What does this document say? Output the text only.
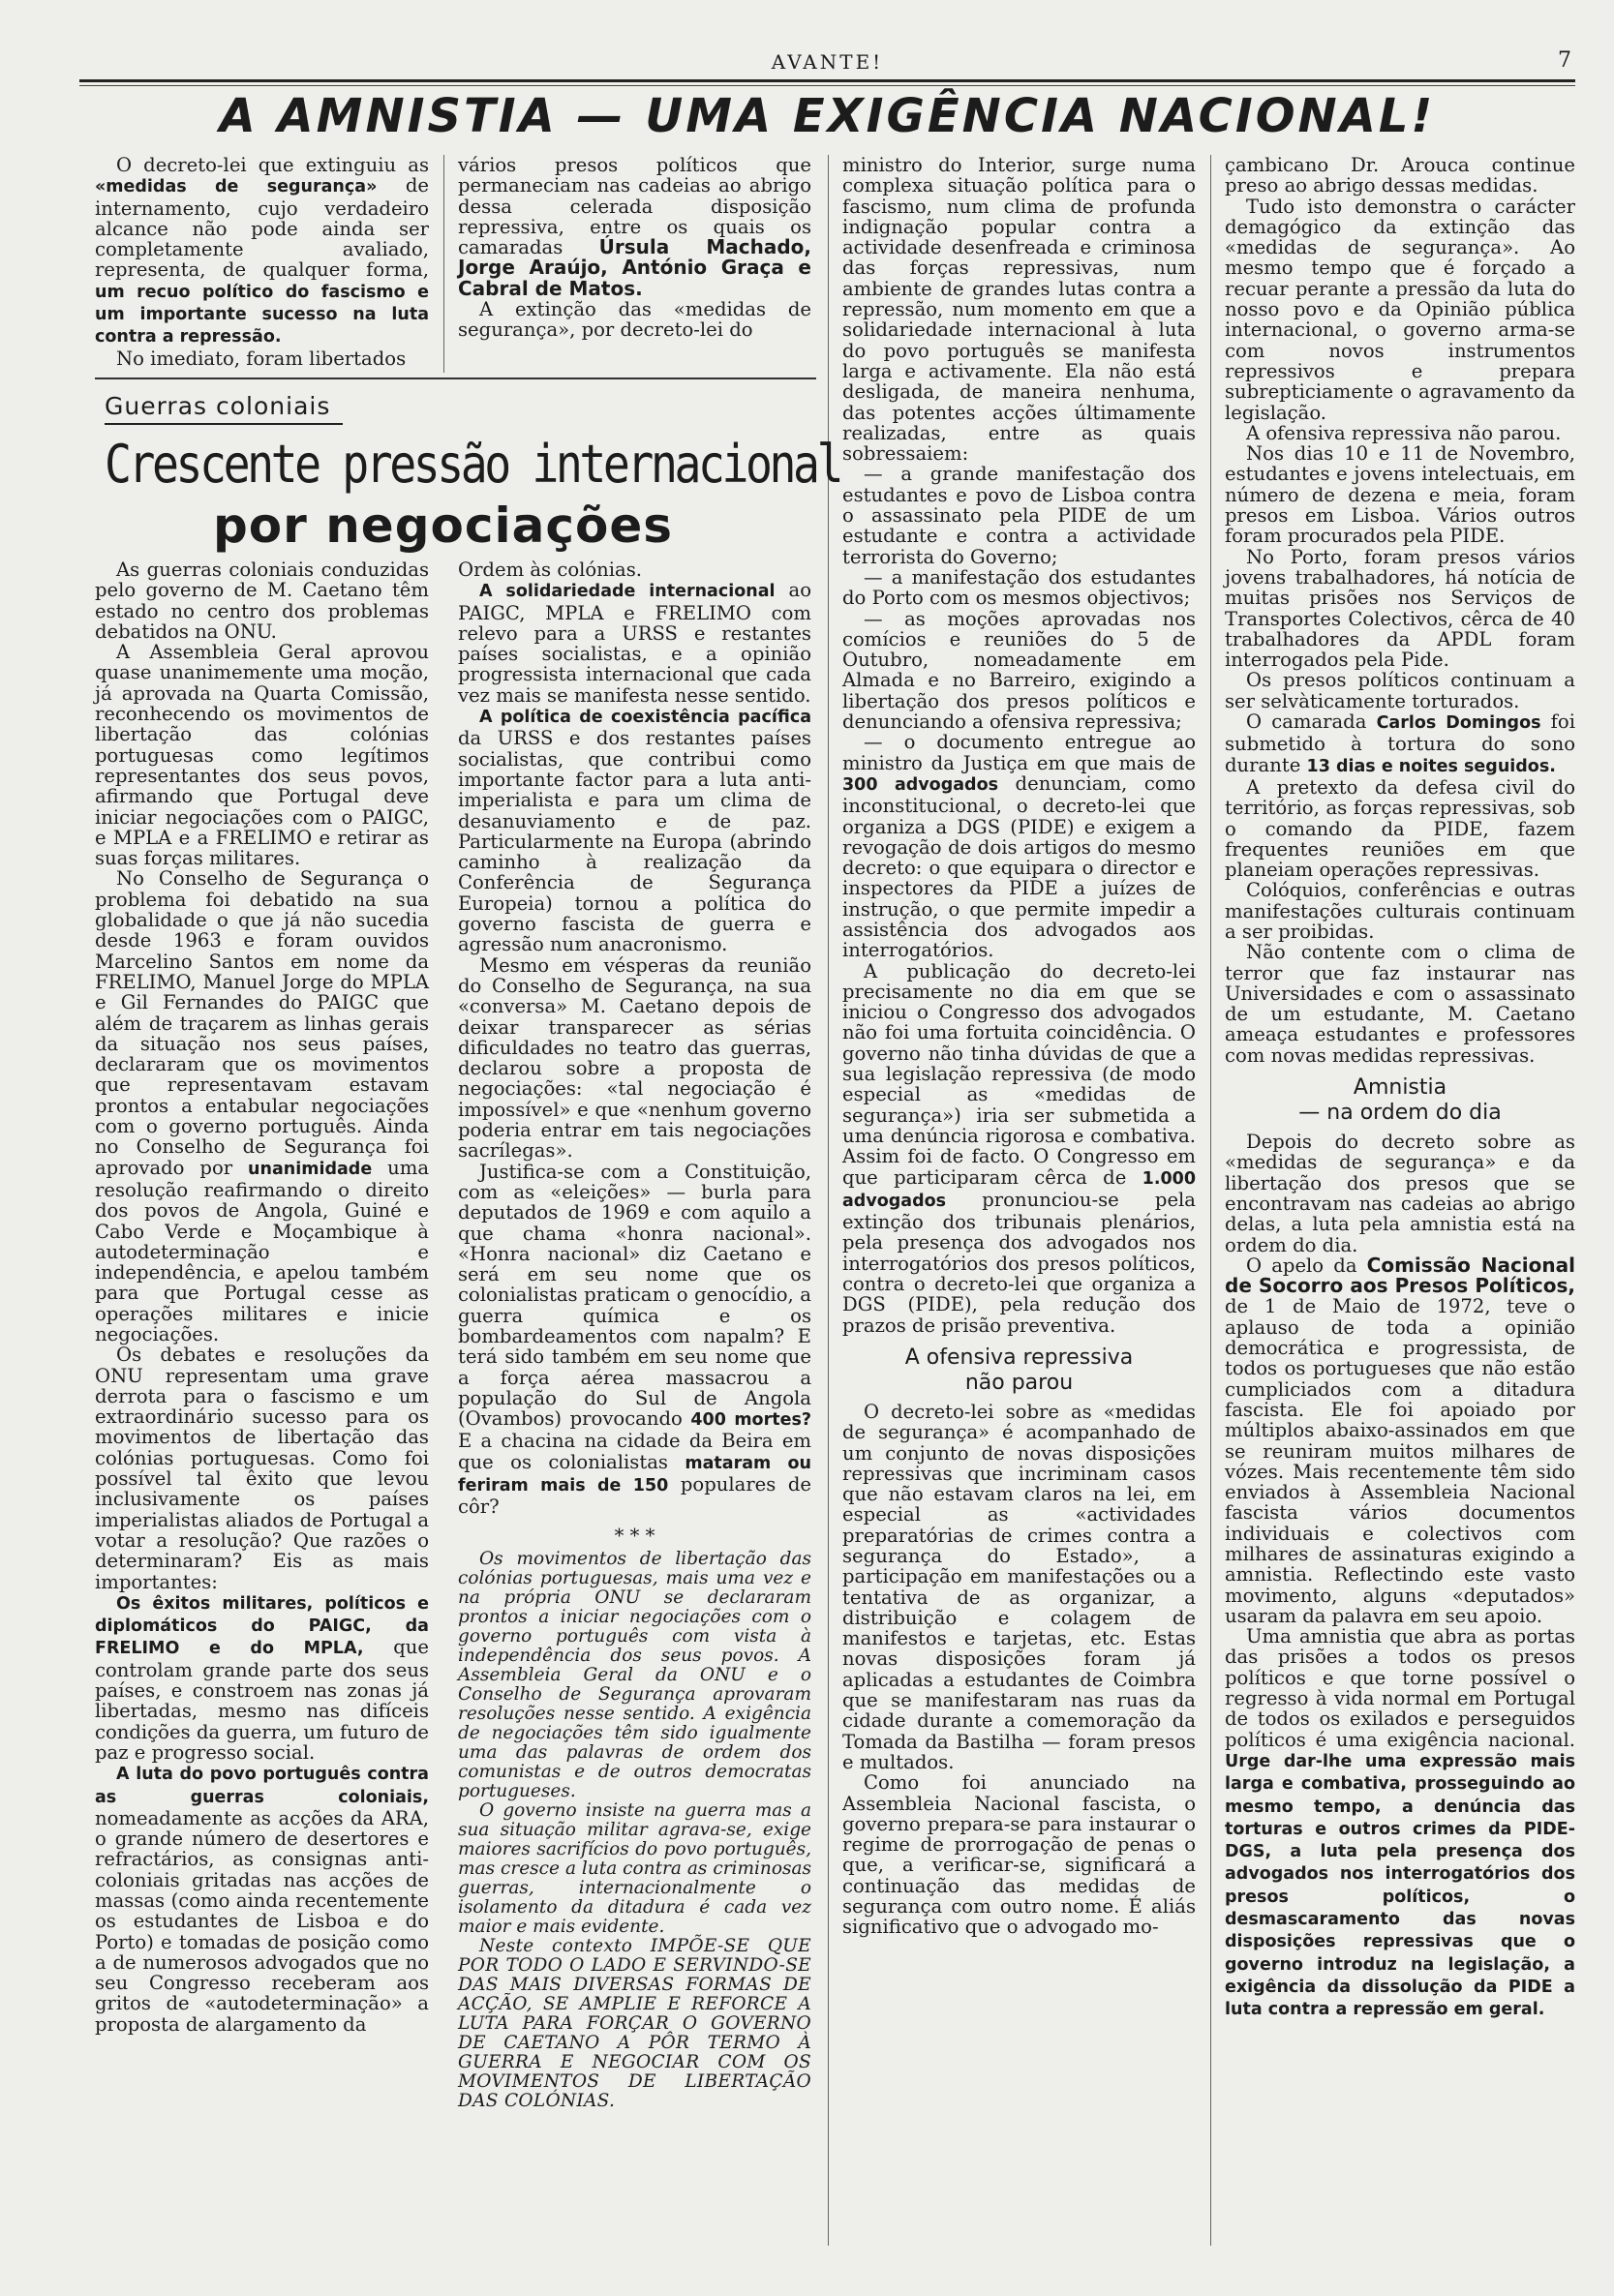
AVANTE!	7
A AMNISTIA — UMA EXIGÊNCIA NACIONAL!

O decreto-lei que extinguiu as «medidas de segurança» de internamento, cujo verdadeiro alcance não pode ainda ser completamente avaliado, representa, de qualquer forma, um recuo político do fascismo e um importante sucesso na luta contra a repressão.

No imediato, foram libertados

vários presos políticos que permaneciam nas cadeias ao abrigo dessa celerada disposição repressiva, entre os quais os camaradas Úrsula Machado, Jorge Araújo, António Graça e Cabral de Matos.

A extinção das «medidas de segurança», por decreto-lei do

Guerras coloniais
Crescente pressão internacional
por negociações

As guerras coloniais conduzidas pelo governo de M. Caetano têm estado no centro dos problemas debatidos na ONU.

A Assembleia Geral aprovou quase unanimemente uma moção, já aprovada na Quarta Comissão, reconhecendo os movimentos de libertação das colónias portuguesas como legítimos representantes dos seus povos, afirmando que Portugal deve iniciar negociações com o PAIGC, e MPLA e a FRELIMO e retirar as suas forças militares.

No Conselho de Segurança o problema foi debatido na sua globalidade o que já não sucedia desde 1963 e foram ouvidos Marcelino Santos em nome da FRELIMO, Manuel Jorge do MPLA e Gil Fernandes do PAIGC que além de traçarem as linhas gerais da situação nos seus países, declararam que os movimentos que representavam estavam prontos a entabular negociações com o governo português. Ainda no Conselho de Segurança foi aprovado por unanimidade uma resolução reafirmando o direito dos povos de Angola, Guiné e Cabo Verde e Moçambique à autodeterminação e independência, e apelou também para que Portugal cesse as operações militares e inicie negociações.

Os debates e resoluções da ONU representam uma grave derrota para o fascismo e um extraordinário sucesso para os movimentos de libertação das colónias portuguesas. Como foi possível tal êxito que levou inclusivamente os países imperialistas aliados de Portugal a votar a resolução? Que razões o determinaram? Eis as mais importantes:

Os êxitos militares, políticos e diplomáticos do PAIGC, da FRELIMO e do MPLA, que controlam grande parte dos seus países, e constroem nas zonas já libertadas, mesmo nas difíceis condições da guerra, um futuro de paz e progresso social.

A luta do povo português contra as guerras coloniais, nomeadamente as acções da ARA, o grande número de desertores e refractários, as consignas anti-coloniais gritadas nas acções de massas (como ainda recentemente os estudantes de Lisboa e do Porto) e tomadas de posição como a de numerosos advogados que no seu Congresso receberam aos gritos de «autodeterminação» a proposta de alargamento da

Ordem às colónias.

A solidariedade internacional ao PAIGC, MPLA e FRELIMO com relevo para a URSS e restantes países socialistas, e a opinião progressista internacional que cada vez mais se manifesta nesse sentido.

A política de coexistência pacífica da URSS e dos restantes países socialistas, que contribui como importante factor para a luta anti-imperialista e para um clima de desanuviamento e de paz. Particularmente na Europa (abrindo caminho à realização da Conferência de Segurança Europeia) tornou a política do governo fascista de guerra e agressão num anacronismo.

Mesmo em vésperas da reunião do Conselho de Segurança, na sua «conversa» M. Caetano depois de deixar transparecer as sérias dificuldades no teatro das guerras, declarou sobre a proposta de negociações: «tal negociação é impossível» e que «nenhum governo poderia entrar em tais negociações sacrílegas».

Justifica-se com a Constituição, com as «eleições» — burla para deputados de 1969 e com aquilo a que chama «honra nacional». «Honra nacional» diz Caetano e será em seu nome que os colonialistas praticam o genocídio, a guerra química e os bombardeamentos com napalm? E terá sido também em seu nome que a força aérea massacrou a população do Sul de Angola (Ovambos) provocando 400 mortes? E a chacina na cidade da Beira em que os colonialistas mataram ou feriram mais de 150 populares de côr?

* * *

Os movimentos de libertação das colónias portuguesas, mais uma vez e na própria ONU se declararam prontos a iniciar negociações com o governo português com vista à independência dos seus povos. A Assembleia Geral da ONU e o Conselho de Segurança aprovaram resoluções nesse sentido. A exigência de negociações têm sido igualmente uma das palavras de ordem dos comunistas e de outros democratas portugueses.

O governo insiste na guerra mas a sua situação militar agrava-se, exige maiores sacrifícios do povo português, mas cresce a luta contra as criminosas guerras, internacionalmente o isolamento da ditadura é cada vez maior e mais evidente.

Neste contexto IMPÕE-SE QUE POR TODO O LADO E SERVINDO-SE DAS MAIS DIVERSAS FORMAS DE ACÇÃO, SE AMPLIE E REFORCE A LUTA PARA FORÇAR O GOVERNO DE CAETANO A PÔR TERMO À GUERRA E NEGOCIAR COM OS MOVIMENTOS DE LIBERTAÇÃO DAS COLÓNIAS.

ministro do Interior, surge numa complexa situação política para o fascismo, num clima de profunda indignação popular contra a actividade desenfreada e criminosa das forças repressivas, num ambiente de grandes lutas contra a repressão, num momento em que a solidariedade internacional à luta do povo português se manifesta larga e activamente. Ela não está desligada, de maneira nenhuma, das potentes acções últimamente realizadas, entre as quais sobressaiem:

— a grande manifestação dos estudantes e povo de Lisboa contra o assassinato pela PIDE de um estudante e contra a actividade terrorista do Governo;

— a manifestação dos estudantes do Porto com os mesmos objectivos;

— as moções aprovadas nos comícios e reuniões do 5 de Outubro, nomeadamente em Almada e no Barreiro, exigindo a libertação dos presos políticos e denunciando a ofensiva repressiva;

— o documento entregue ao ministro da Justiça em que mais de 300 advogados denunciam, como inconstitucional, o decreto-lei que organiza a DGS (PIDE) e exigem a revogação de dois artigos do mesmo decreto: o que equipara o director e inspectores da PIDE a juízes de instrução, o que permite impedir a assistência dos advogados aos interrogatórios.

A publicação do decreto-lei precisamente no dia em que se iniciou o Congresso dos advogados não foi uma fortuita coincidência. O governo não tinha dúvidas de que a sua legislação repressiva (de modo especial as «medidas de segurança») iria ser submetida a uma denúncia rigorosa e combativa. Assim foi de facto. O Congresso em que participaram cêrca de 1.000 advogados pronunciou-se pela extinção dos tribunais plenários, pela presença dos advogados nos interrogatórios dos presos políticos, contra o decreto-lei que organiza a DGS (PIDE), pela redução dos prazos de prisão preventiva.

A ofensiva repressiva
não parou

O decreto-lei sobre as «medidas de segurança» é acompanhado de um conjunto de novas disposições repressivas que incriminam casos que não estavam claros na lei, em especial as «actividades preparatórias de crimes contra a segurança do Estado», a participação em manifestações ou a tentativa de as organizar, a distribuição e colagem de manifestos e tarjetas, etc. Estas novas disposições foram já aplicadas a estudantes de Coimbra que se manifestaram nas ruas da cidade durante a comemoração da Tomada da Bastilha — foram presos e multados.

Como foi anunciado na Assembleia Nacional fascista, o governo prepara-se para instaurar o regime de prorrogação de penas o que, a verificar-se, significará a continuação das medidas de segurança com outro nome. É aliás significativo que o advogado mo-

çambicano Dr. Arouca continue preso ao abrigo dessas medidas.

Tudo isto demonstra o carácter demagógico da extinção das «medidas de segurança». Ao mesmo tempo que é forçado a recuar perante a pressão da luta do nosso povo e da Opinião pública internacional, o governo arma-se com novos instrumentos repressivos e prepara subrepticiamente o agravamento da legislação.

A ofensiva repressiva não parou.

Nos dias 10 e 11 de Novembro, estudantes e jovens intelectuais, em número de dezena e meia, foram presos em Lisboa. Vários outros foram procurados pela PIDE.

No Porto, foram presos vários jovens trabalhadores, há notícia de muitas prisões nos Serviços de Transportes Colectivos, cêrca de 40 trabalhadores da APDL foram interrogados pela Pide.

Os presos políticos continuam a ser selvàticamente torturados.

O camarada Carlos Domingos foi submetido à tortura do sono durante 13 dias e noites seguidos.

A pretexto da defesa civil do território, as forças repressivas, sob o comando da PIDE, fazem frequentes reuniões em que planeiam operações repressivas.

Colóquios, conferências e outras manifestações culturais continuam a ser proibidas.

Não contente com o clima de terror que faz instaurar nas Universidades e com o assassinato de um estudante, M. Caetano ameaça estudantes e professores com novas medidas repressivas.

Amnistia
— na ordem do dia

Depois do decreto sobre as «medidas de segurança» e da libertação dos presos que se encontravam nas cadeias ao abrigo delas, a luta pela amnistia está na ordem do dia.

O apelo da Comissão Nacional de Socorro aos Presos Políticos, de 1 de Maio de 1972, teve o aplauso de toda a opinião democrática e progressista, de todos os portugueses que não estão cumpliciados com a ditadura fascista. Ele foi apoiado por múltiplos abaixo-assinados em que se reuniram muitos milhares de vózes. Mais recentemente têm sido enviados à Assembleia Nacional fascista vários documentos individuais e colectivos com milhares de assinaturas exigindo a amnistia. Reflectindo este vasto movimento, alguns «deputados» usaram da palavra em seu apoio.

Uma amnistia que abra as portas das prisões a todos os presos políticos e que torne possível o regresso à vida normal em Portugal de todos os exilados e perseguidos políticos é uma exigência nacional. Urge dar-lhe uma expressão mais larga e combativa, prosseguindo ao mesmo tempo, a denúncia das torturas e outros crimes da PIDE-DGS, a luta pela presença dos advogados nos interrogatórios dos presos políticos, o desmascaramento das novas disposições repressivas que o governo introduz na legislação, a exigência da dissolução da PIDE a luta contra a repressão em geral.
